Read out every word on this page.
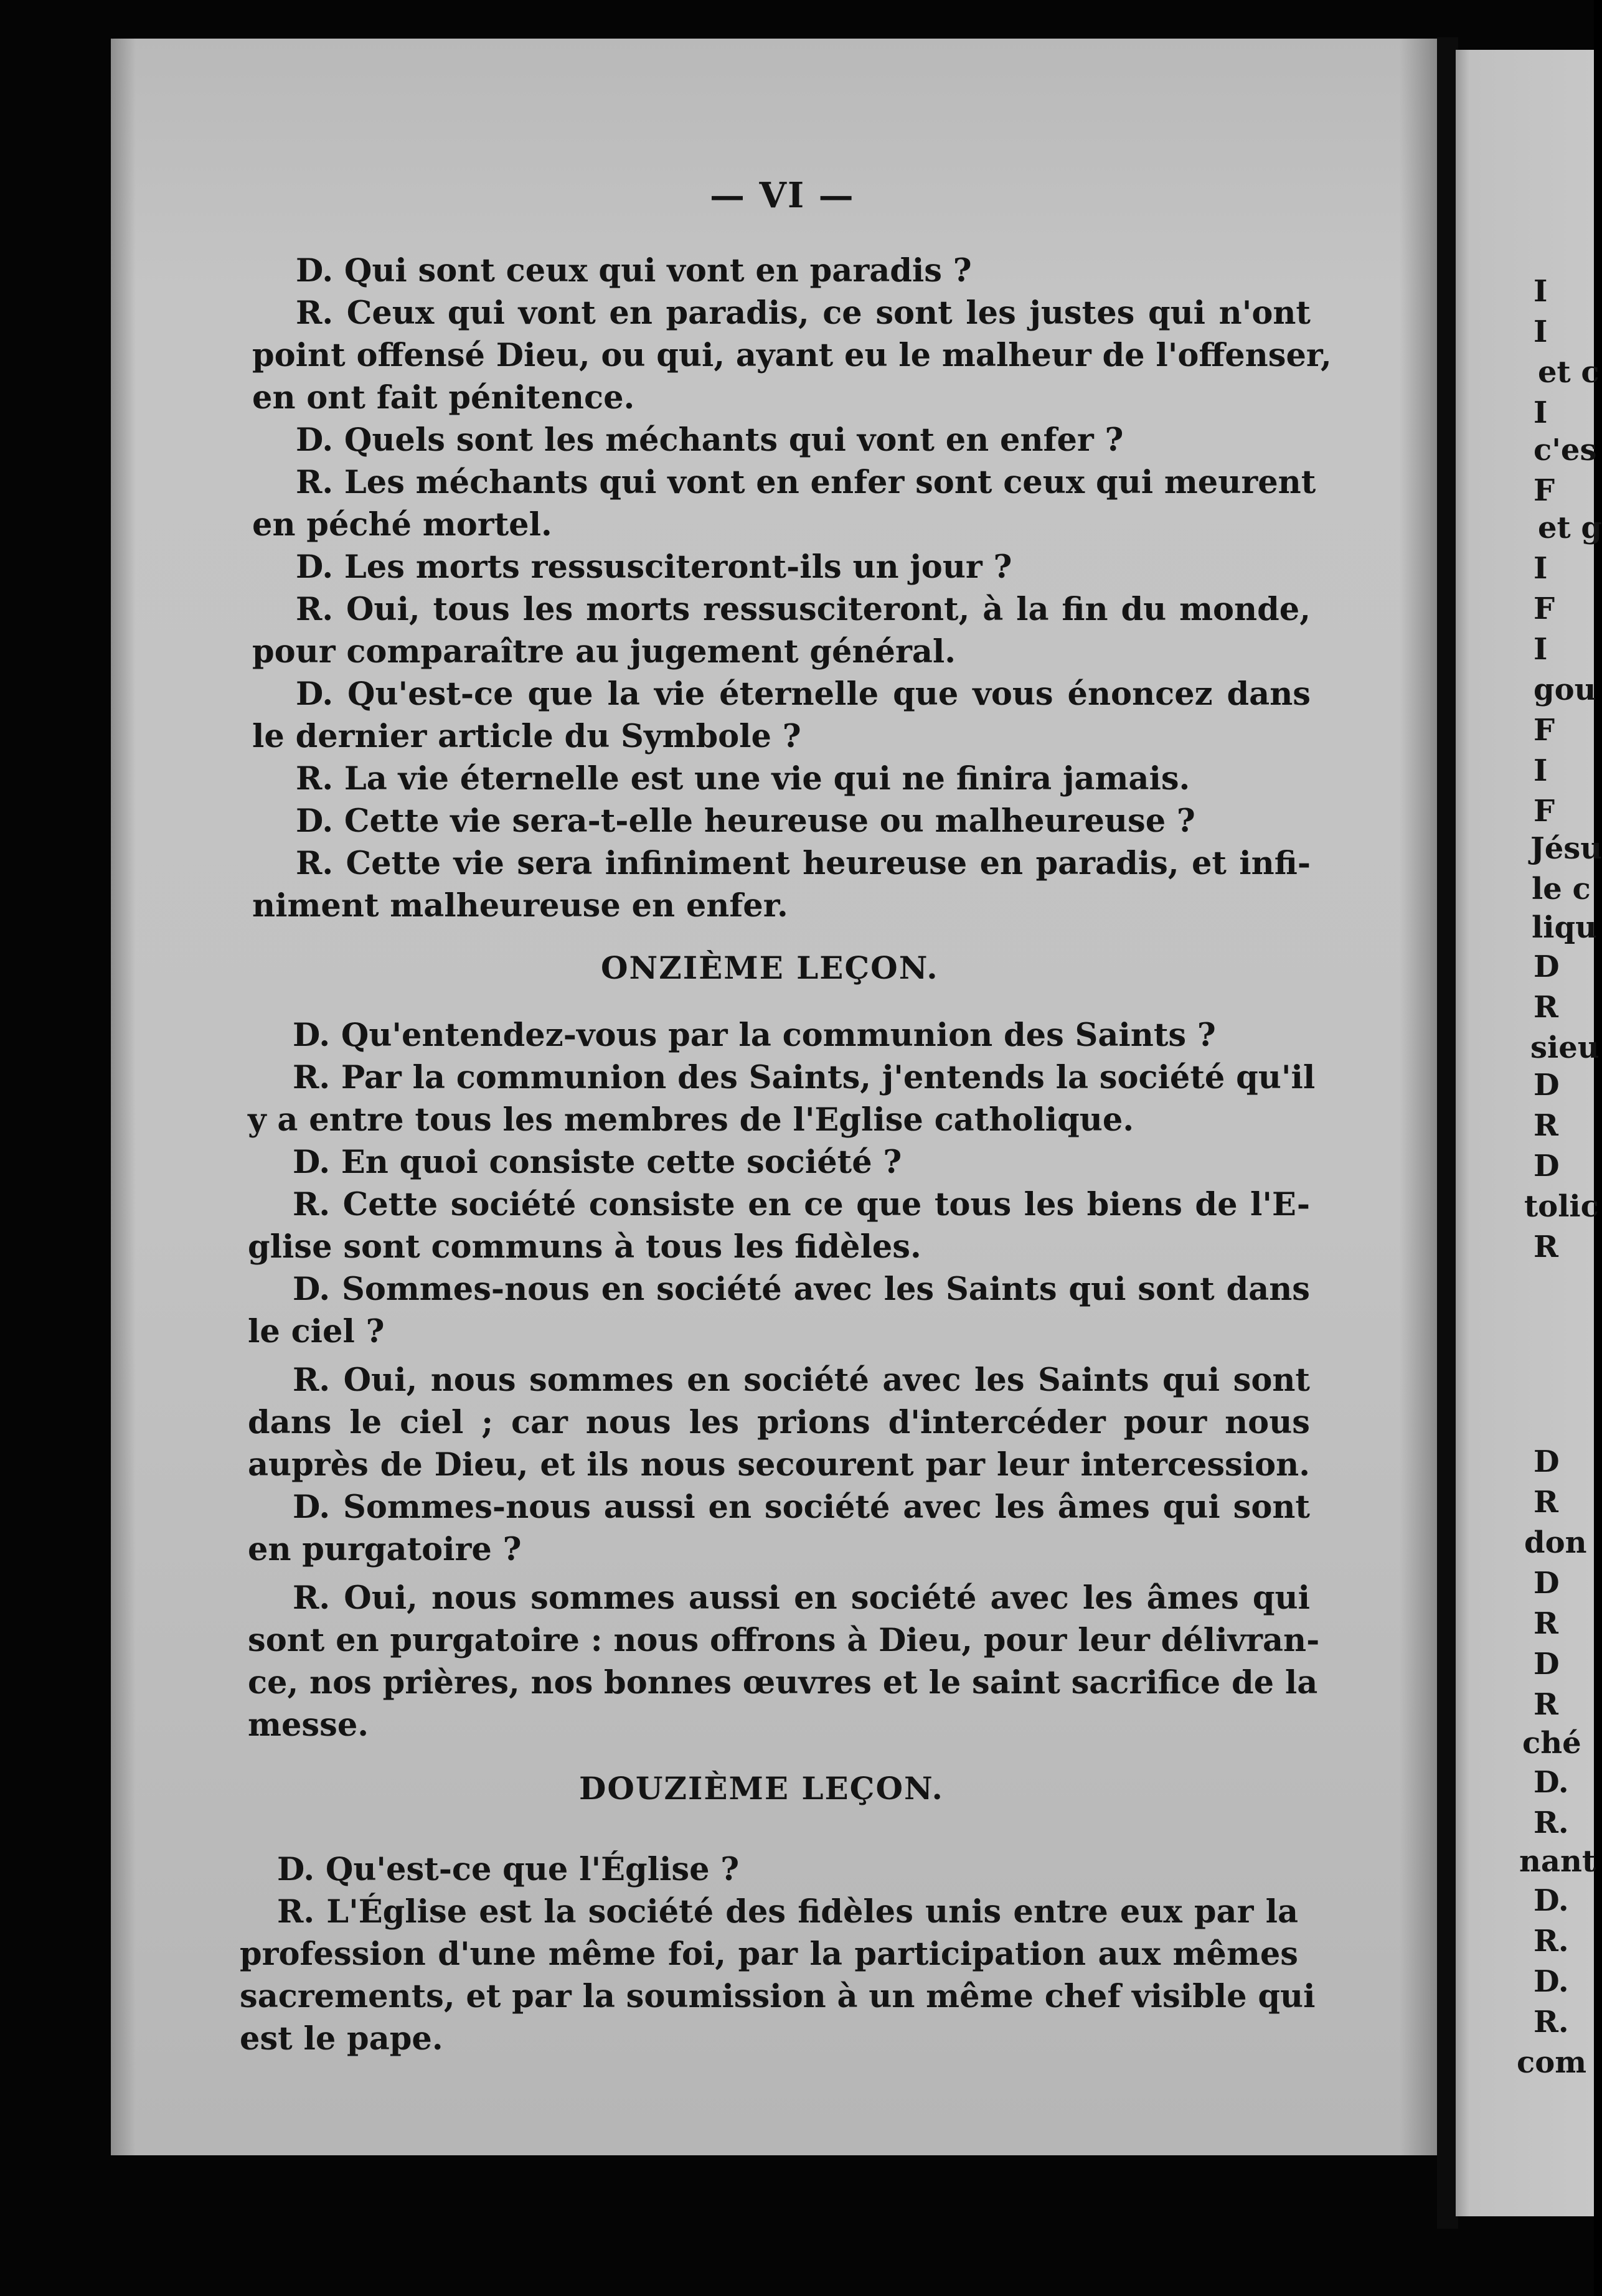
— VI —
D. Qui sont ceux qui vont en paradis ?
R. Ceux qui vont en paradis, ce sont les justes qui n'ont
point offensé Dieu, ou qui, ayant eu le malheur de l'offenser,
en ont fait pénitence.
D. Quels sont les méchants qui vont en enfer ?
R. Les méchants qui vont en enfer sont ceux qui meurent
en péché mortel.
D. Les morts ressusciteront-ils un jour ?
R. Oui, tous les morts ressusciteront, à la fin du monde,
pour comparaître au jugement général.
D. Qu'est-ce que la vie éternelle que vous énoncez dans
le dernier article du Symbole ?
R. La vie éternelle est une vie qui ne finira jamais.
D. Cette vie sera-t-elle heureuse ou malheureuse ?
R. Cette vie sera infiniment heureuse en paradis, et infi-
niment malheureuse en enfer.
ONZIÈME LEÇON.
D. Qu'entendez-vous par la communion des Saints ?
R. Par la communion des Saints, j'entends la société qu'il
y a entre tous les membres de l'Eglise catholique.
D. En quoi consiste cette société ?
R. Cette société consiste en ce que tous les biens de l'E-
glise sont communs à tous les fidèles.
D. Sommes-nous en société avec les Saints qui sont dans
le ciel ?
R. Oui, nous sommes en société avec les Saints qui sont
dans le ciel ; car nous les prions d'intercéder pour nous
auprès de Dieu, et ils nous secourent par leur intercession.
D. Sommes-nous aussi en société avec les âmes qui sont
en purgatoire ?
R. Oui, nous sommes aussi en société avec les âmes qui
sont en purgatoire : nous offrons à Dieu, pour leur délivran-
ce, nos prières, nos bonnes œuvres et le saint sacrifice de la
messe.
DOUZIÈME LEÇON.
D. Qu'est-ce que l'Église ?
R. L'Église est la société des fidèles unis entre eux par la
profession d'une même foi, par la participation aux mêmes
sacrements, et par la soumission à un même chef visible qui
est le pape.
I
I
et c
I
c'es
F
et g
I
F
I
gou
F
I
F
Jésu
le c
liqu
D
R
sieu
D
R
D
tolic
R
D
R
don
D
R
D
R
ché
D.
R.
nant
D.
R.
D.
R.
com
